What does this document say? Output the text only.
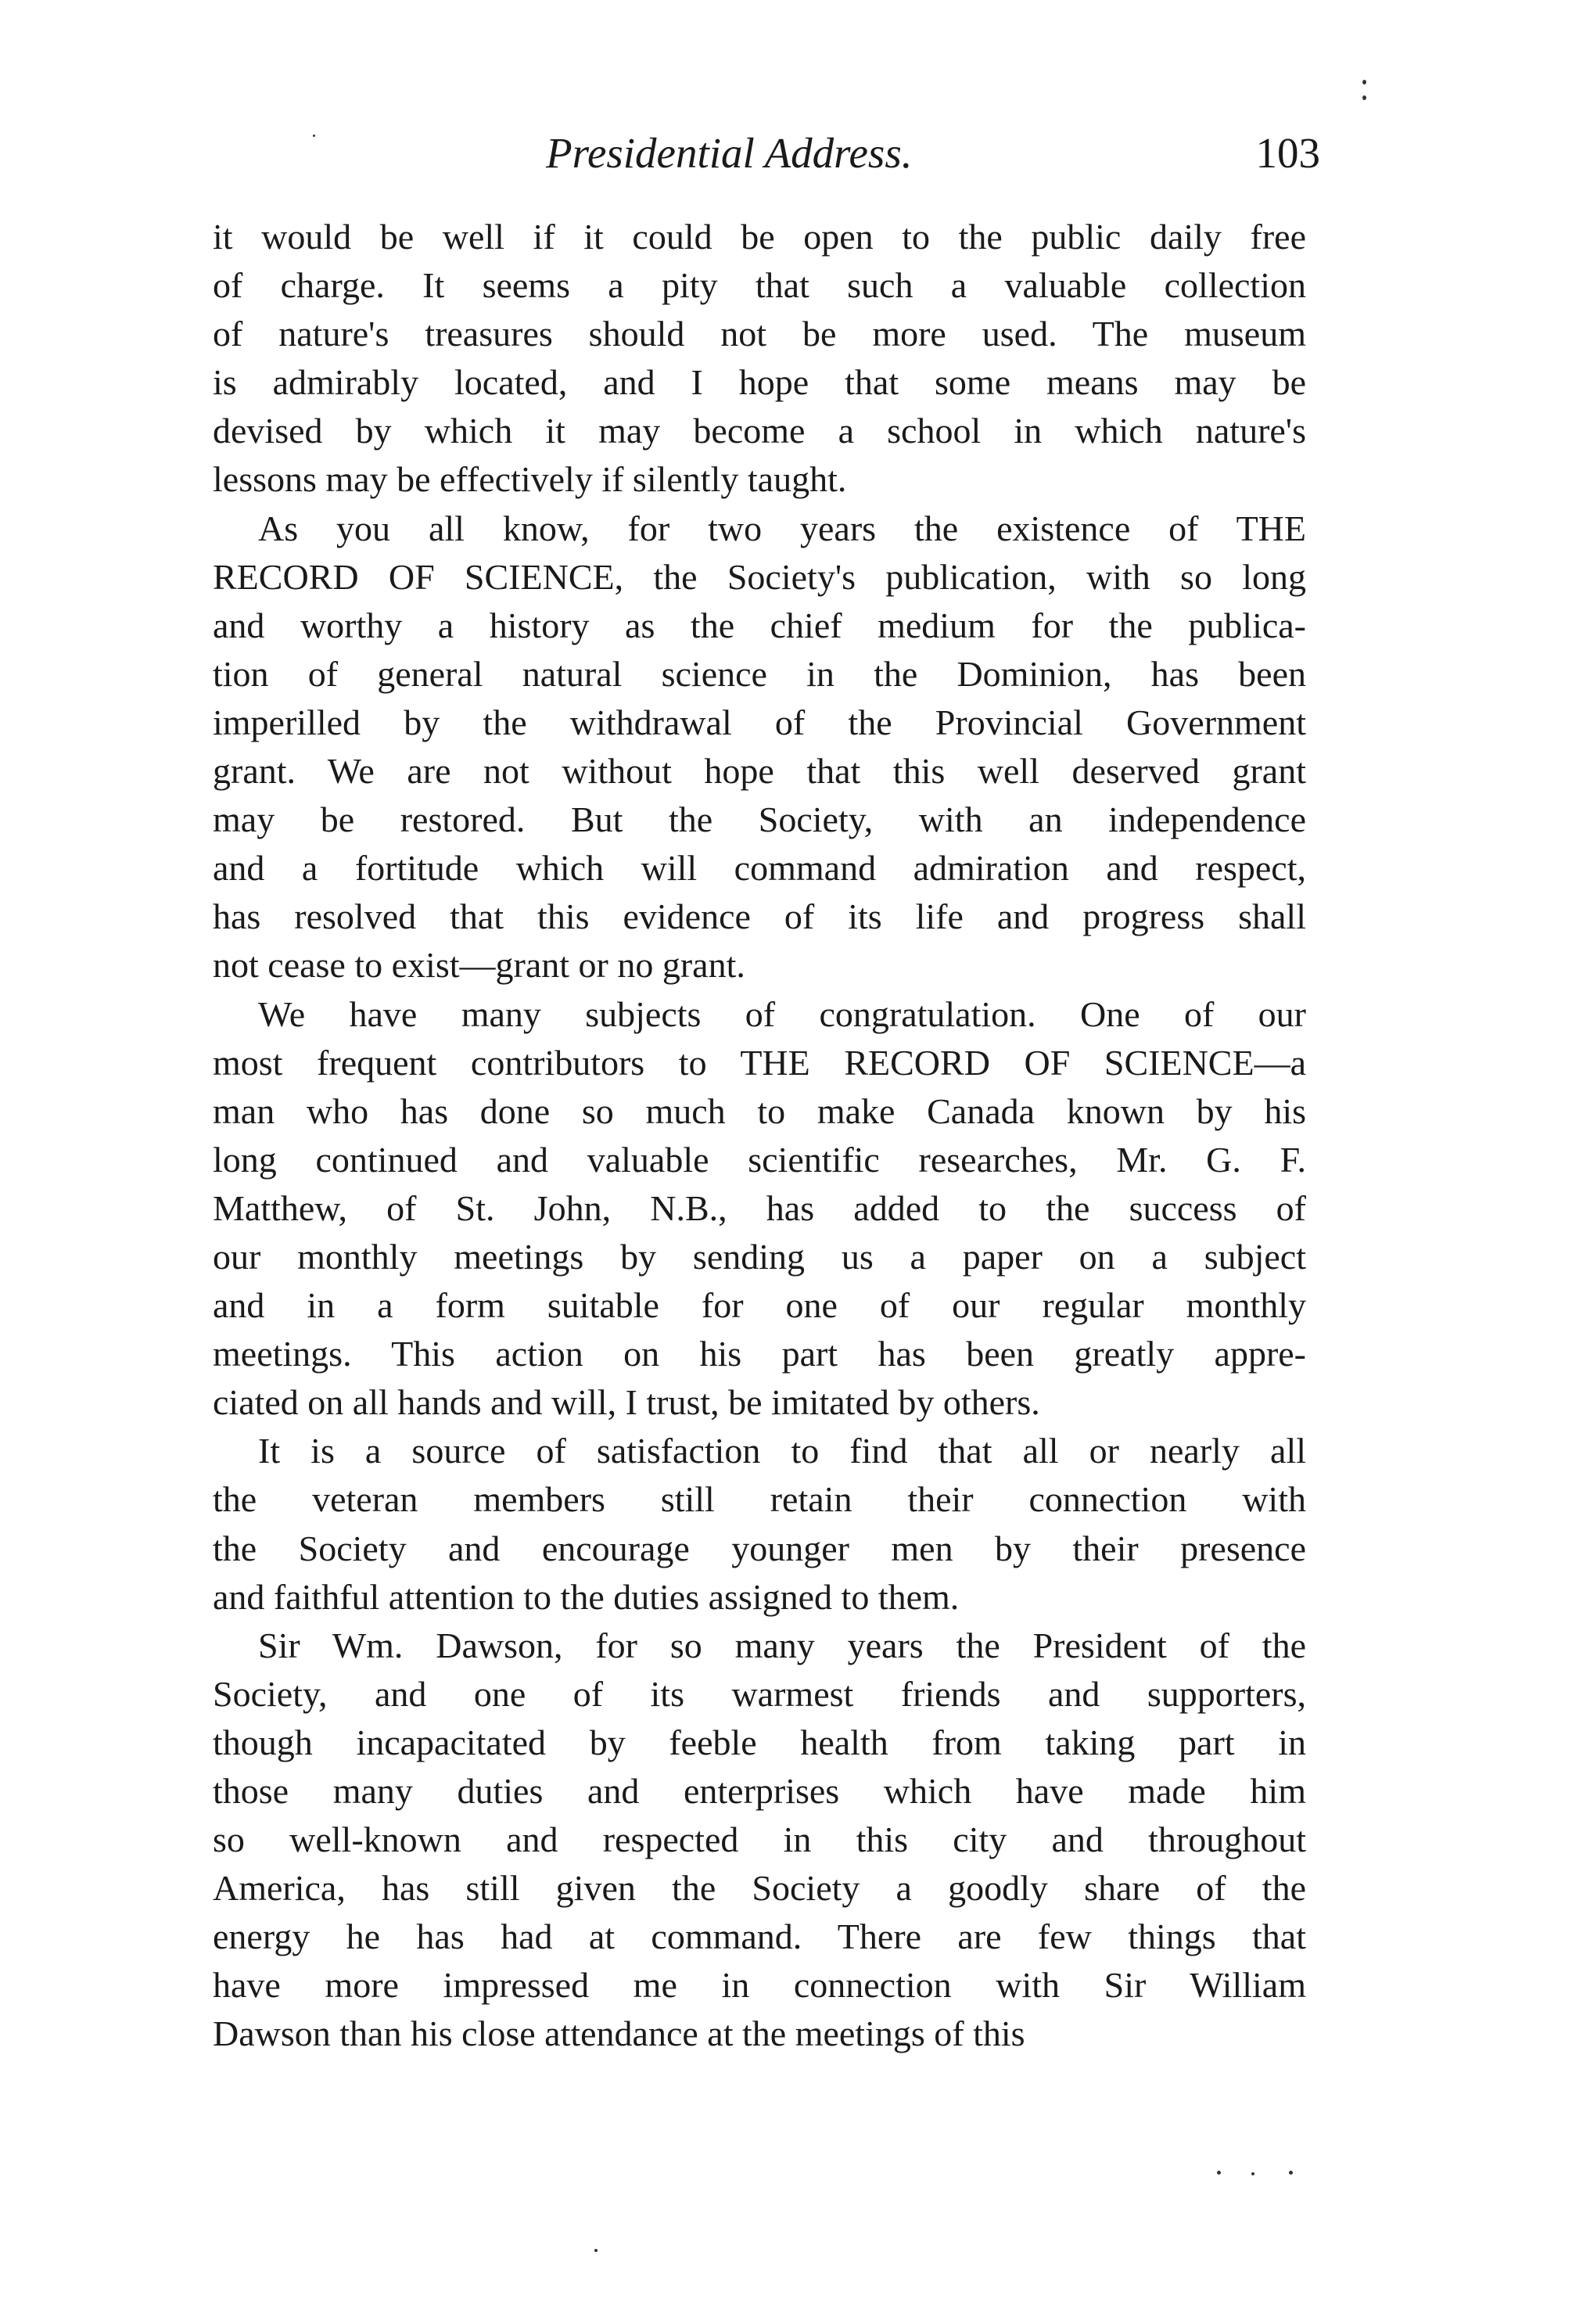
Presidential Address.	103
it would be well if it could be open to the public daily free
of charge. It seems a pity that such a valuable collection
of nature's treasures should not be more used. The museum
is admirably located, and I hope that some means may be
devised by which it may become a school in which nature's
lessons may be effectively if silently taught.
As you all know, for two years the existence of THE
RECORD OF SCIENCE, the Society's publication, with so long
and worthy a history as the chief medium for the publica-
tion of general natural science in the Dominion, has been
imperilled by the withdrawal of the Provincial Government
grant. We are not without hope that this well deserved grant
may be restored. But the Society, with an independence
and a fortitude which will command admiration and respect,
has resolved that this evidence of its life and progress shall
not cease to exist—grant or no grant.
We have many subjects of congratulation. One of our
most frequent contributors to THE RECORD OF SCIENCE—a
man who has done so much to make Canada known by his
long continued and valuable scientific researches, Mr. G. F.
Matthew, of St. John, N.B., has added to the success of
our monthly meetings by sending us a paper on a subject
and in a form suitable for one of our regular monthly
meetings. This action on his part has been greatly appre-
ciated on all hands and will, I trust, be imitated by others.
It is a source of satisfaction to find that all or nearly all
the veteran members still retain their connection with
the Society and encourage younger men by their presence
and faithful attention to the duties assigned to them.
Sir Wm. Dawson, for so many years the President of the
Society, and one of its warmest friends and supporters,
though incapacitated by feeble health from taking part in
those many duties and enterprises which have made him
so well-known and respected in this city and throughout
America, has still given the Society a goodly share of the
energy he has had at command. There are few things that
have more impressed me in connection with Sir William
Dawson than his close attendance at the meetings of this
